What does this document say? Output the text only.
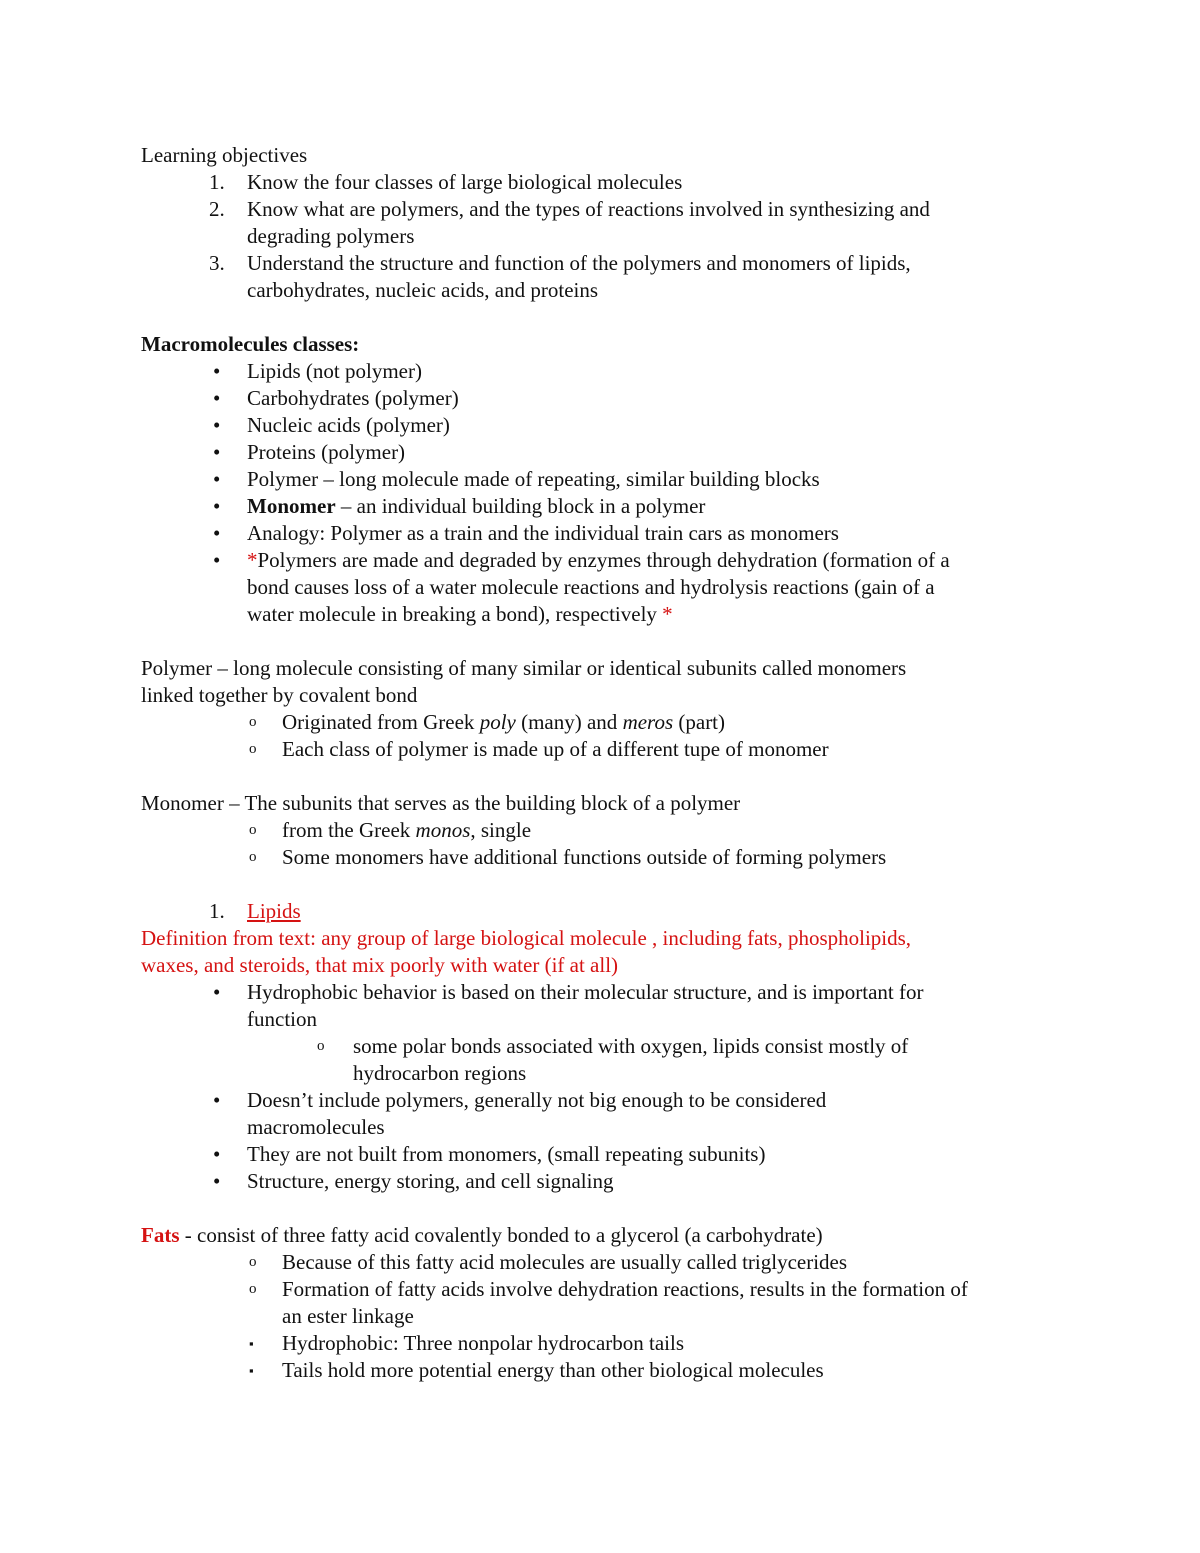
Learning objectives
1. Know the four classes of large biological molecules
2. Know what are polymers, and the types of reactions involved in synthesizing and
degrading polymers
3. Understand the structure and function of the polymers and monomers of lipids,
carbohydrates, nucleic acids, and proteins
Macromolecules classes:
• Lipids (not polymer)
• Carbohydrates (polymer)
• Nucleic acids (polymer)
• Proteins (polymer)
• Polymer – long molecule made of repeating, similar building blocks
• Monomer – an individual building block in a polymer
• Analogy: Polymer as a train and the individual train cars as monomers
• *Polymers are made and degraded by enzymes through dehydration (formation of a
bond causes loss of a water molecule reactions and hydrolysis reactions (gain of a
water molecule in breaking a bond), respectively *
Polymer – long molecule consisting of many similar or identical subunits called monomers
linked together by covalent bond
o Originated from Greek poly (many) and meros (part)
o Each class of polymer is made up of a different tupe of monomer
Monomer – The subunits that serves as the building block of a polymer
o from the Greek monos, single
o Some monomers have additional functions outside of forming polymers
1. Lipids
Definition from text: any group of large biological molecule , including fats, phospholipids,
waxes, and steroids, that mix poorly with water (if at all)
• Hydrophobic behavior is based on their molecular structure, and is important for
function
o some polar bonds associated with oxygen, lipids consist mostly of
hydrocarbon regions
• Doesn’t include polymers, generally not big enough to be considered
macromolecules
• They are not built from monomers, (small repeating subunits)
• Structure, energy storing, and cell signaling
Fats - consist of three fatty acid covalently bonded to a glycerol (a carbohydrate)
o Because of this fatty acid molecules are usually called triglycerides
o Formation of fatty acids involve dehydration reactions, results in the formation of
an ester linkage
▪ Hydrophobic: Three nonpolar hydrocarbon tails
▪ Tails hold more potential energy than other biological molecules
